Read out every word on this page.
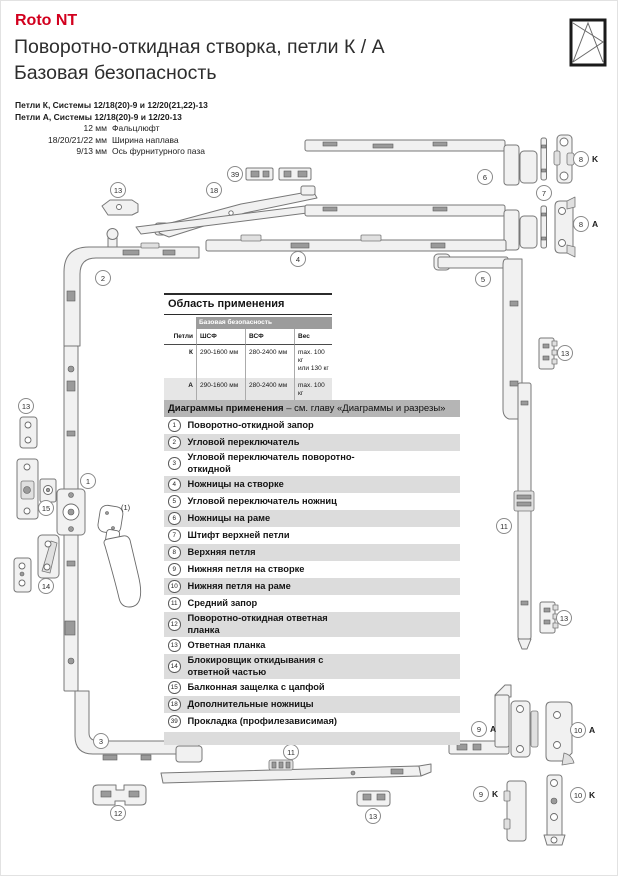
Roto NT
Поворотно-откидная створка, петли К / А
Базовая безопасность
Петли К, Системы 12/18(20)-9 и 12/20(21,22)-13
Петли А, Системы 12/18(20)-9 и 12/20-13
12 мм Фальцлюфт
18/20/21/22 мм Ширина наплава
9/13 мм Ось фурнитурного паза
13
39
18
6
8	K
7
8	A
2
4
5
13
13
1
15
14
11
13
3
11
12	13
9	A	10 A
9	K	10 K
(1)
Область применения
Базовая безопасность
Петли	ШСФ	ВСФ	Вес
К	290-1600 мм	280-2400 мм	max. 100 кг
или 130 кг
А	290-1600 мм	280-2400 мм	max. 100 кг
Диаграммы применения – см. главу «Диаграммы и разрезы»
1	Поворотно-откидной запор
2	Угловой переключатель
3
Угловой переключатель поворотно-откидной
4	Ножницы на створке
5	Угловой переключатель ножниц
6	Ножницы на раме
7	Штифт верхней петли
8	Верхняя петля
9	Нижняя петля на створке
10 Нижняя петля на раме
11	Средний запор
12
Поворотно-откидная ответная планка
13 Ответная планка
14
Блокировщик откидывания с ответной частью
15 Балконная защелка с цапфой
18 Дополнительные ножницы
39 Прокладка (профилезависимая)
